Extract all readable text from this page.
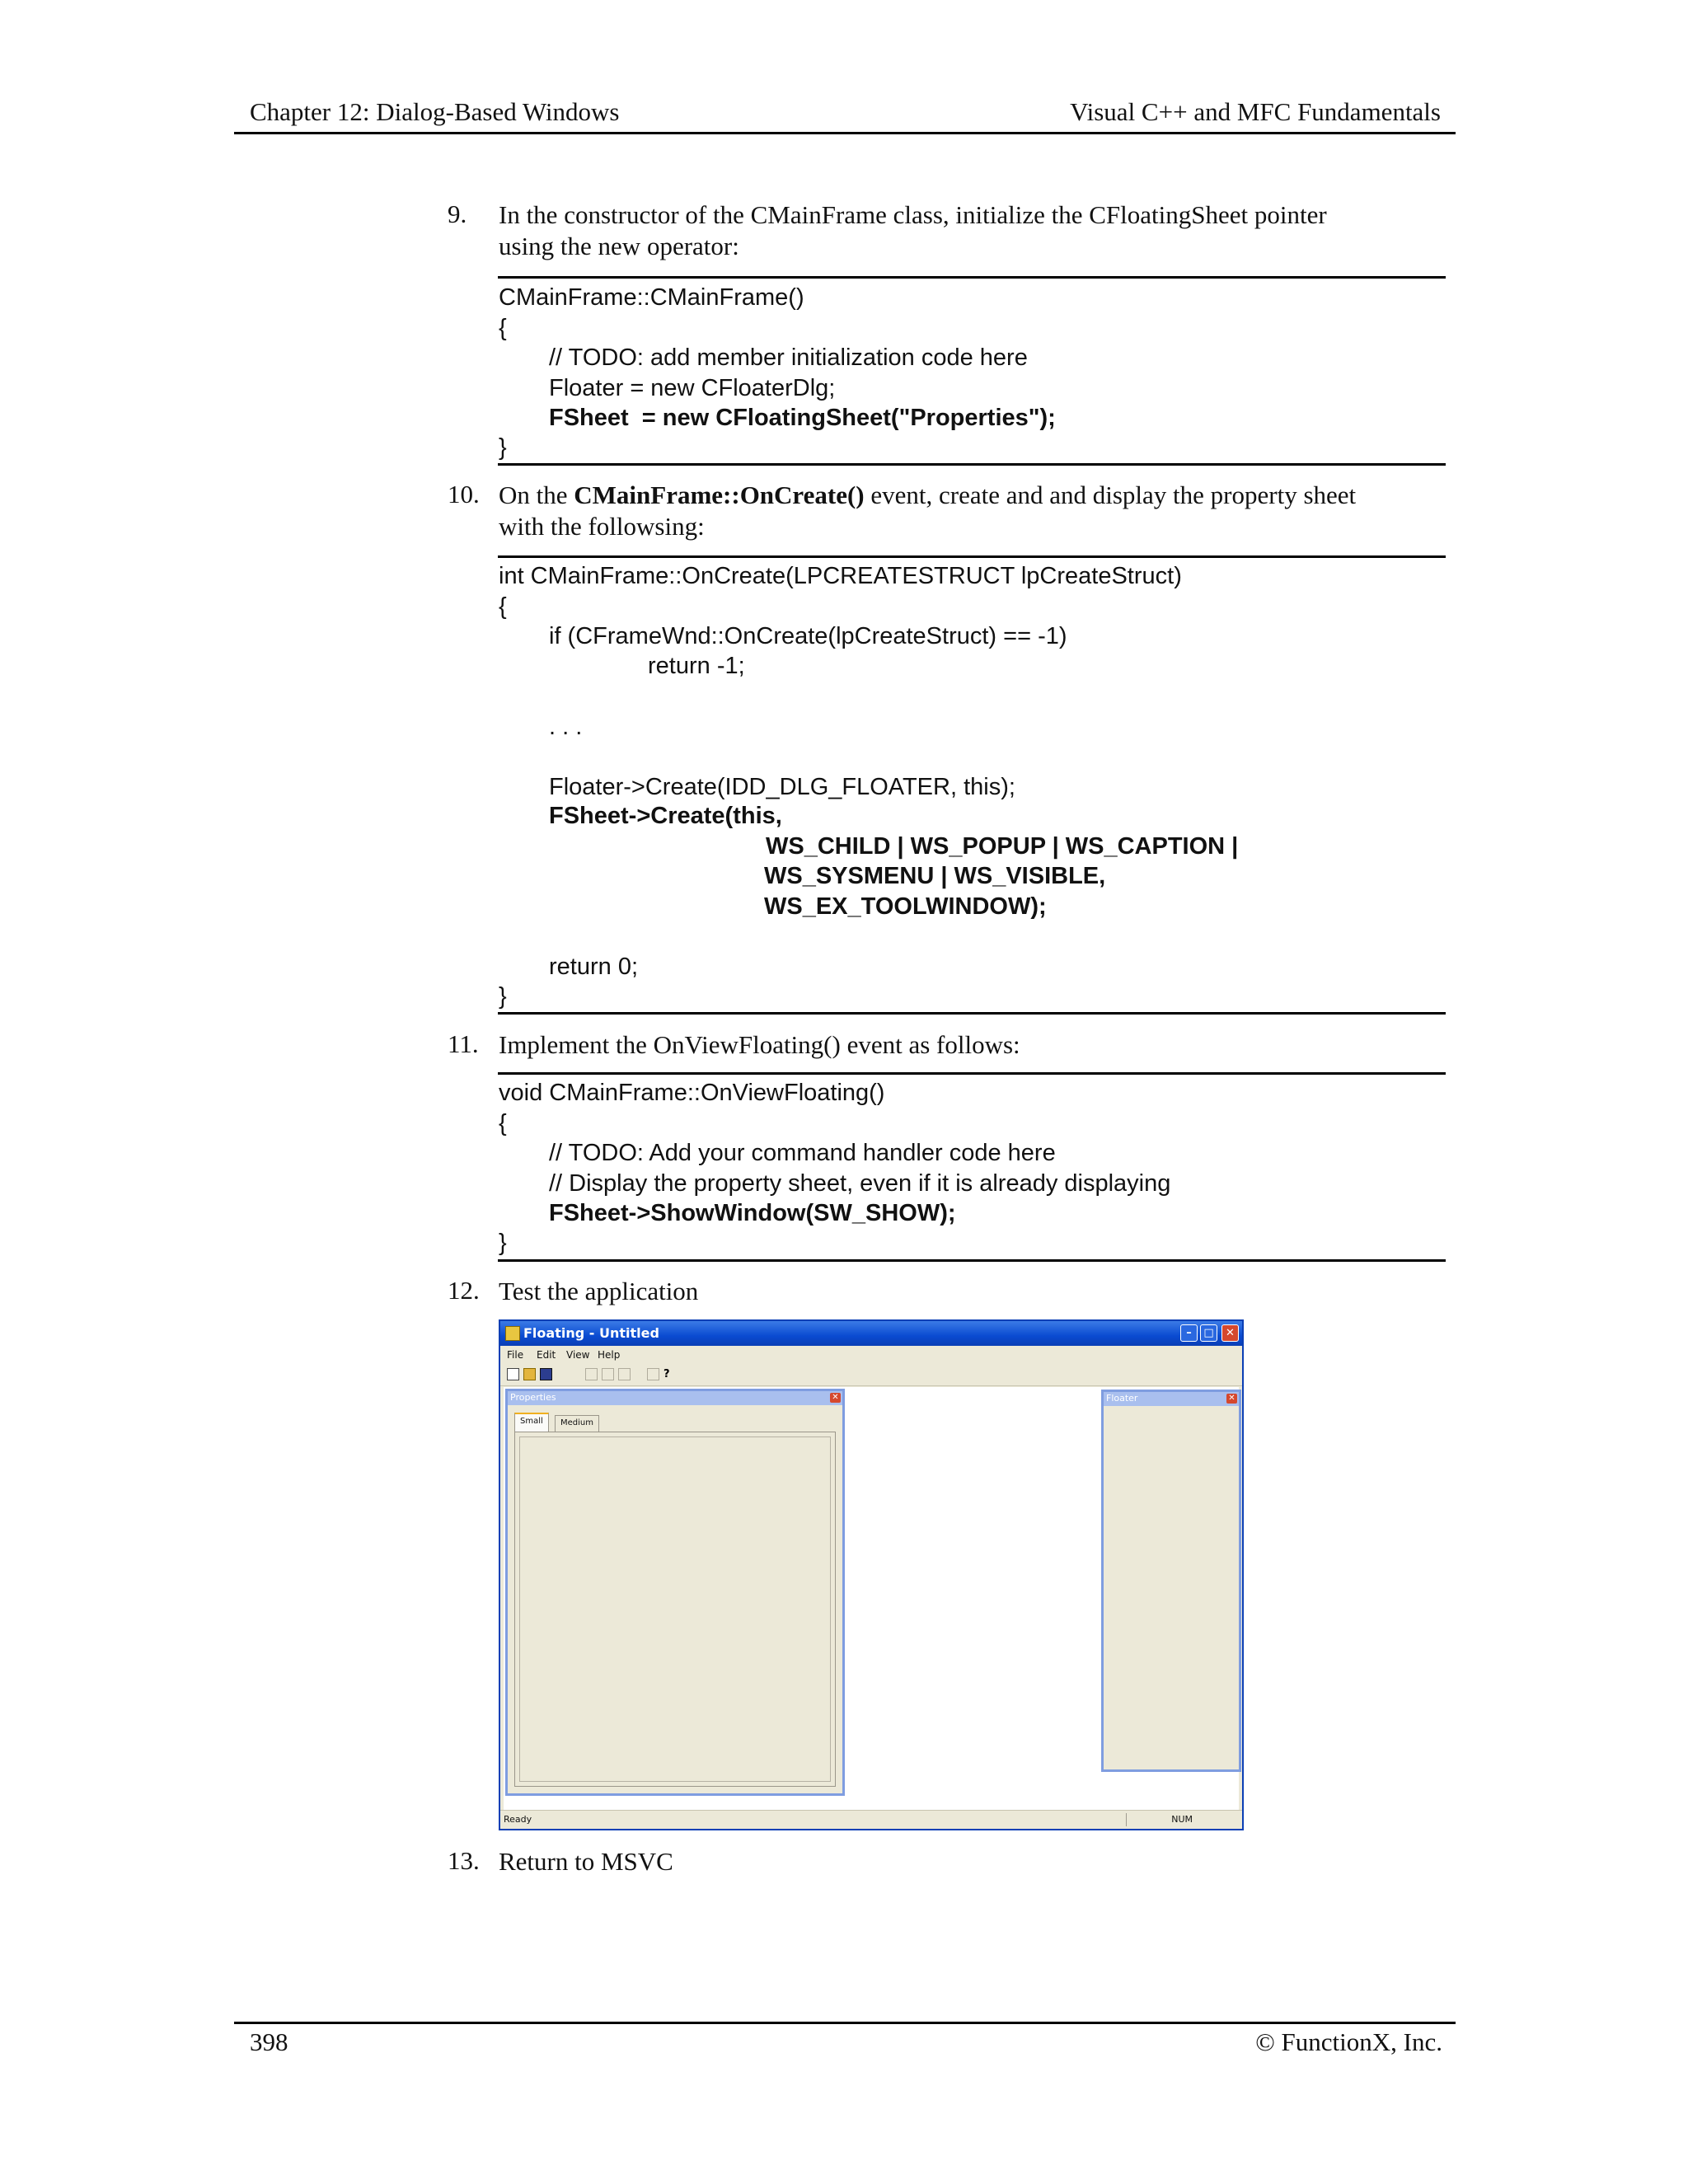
Chapter 12: Dialog-Based Windows	Visual C++ and MFC Fundamentals
9. In the constructor of the CMainFrame class, initialize the CFloatingSheet pointer
using the new operator:
CMainFrame::CMainFrame()
{
// TODO: add member initialization code here
Floater = new CFloaterDlg;
FSheet  = new CFloatingSheet("Properties");
}
10. On the CMainFrame::OnCreate() event, create and and display the property sheet
with the followsing:
int CMainFrame::OnCreate(LPCREATESTRUCT lpCreateStruct)
{
if (CFrameWnd::OnCreate(lpCreateStruct) == -1)
return -1;
. . .
Floater->Create(IDD_DLG_FLOATER, this);
FSheet->Create(this,
WS_CHILD | WS_POPUP | WS_CAPTION |
WS_SYSMENU | WS_VISIBLE,
WS_EX_TOOLWINDOW);
return 0;
}
11. Implement the OnViewFloating() event as follows:
void CMainFrame::OnViewFloating()
{
// TODO: Add your command handler code here
// Display the property sheet, even if it is already displaying
FSheet->ShowWindow(SW_SHOW);
}
12. Test the application
Floating - Untitled	–	□	✕
File Edit View Help
?
Properties	✕
Small	Medium
Floater	✕
Ready	NUM
13. Return to MSVC
398	© FunctionX, Inc.
